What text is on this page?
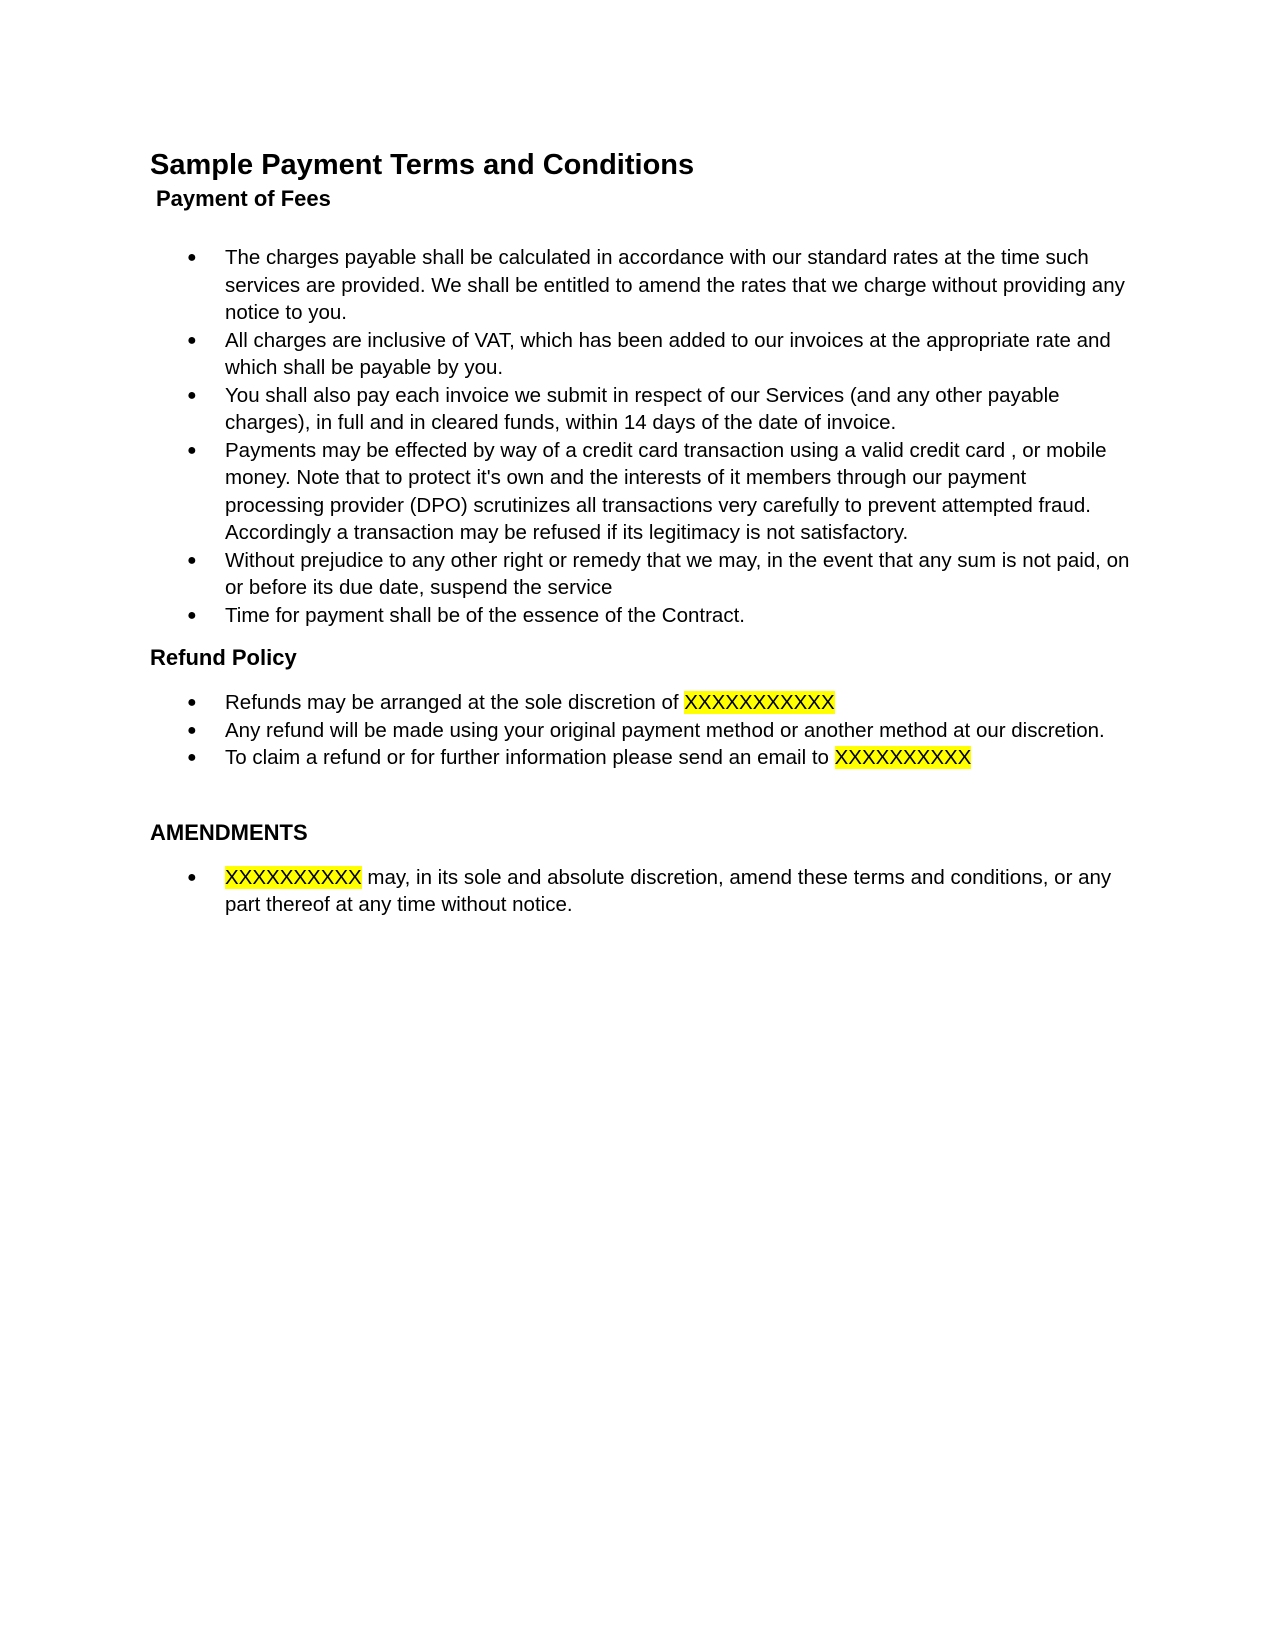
Sample Payment Terms and Conditions
Payment of Fees
● The charges payable shall be calculated in accordance with our standard rates at the time such services are provided. We shall be entitled to amend the rates that we charge without providing any notice to you.
● All charges are inclusive of VAT, which has been added to our invoices at the appropriate rate and which shall be payable by you.
● You shall also pay each invoice we submit in respect of our Services (and any other payable charges), in full and in cleared funds, within 14 days of the date of invoice.
● Payments may be effected by way of a credit card transaction using a valid credit card , or mobile money. Note that to protect it's own and the interests of it members through our payment processing provider (DPO) scrutinizes all transactions very carefully to prevent attempted fraud. Accordingly a transaction may be refused if its legitimacy is not satisfactory.
● Without prejudice to any other right or remedy that we may, in the event that any sum is not paid, on or before its due date, suspend the service
● Time for payment shall be of the essence of the Contract.
Refund Policy
● Refunds may be arranged at the sole discretion of XXXXXXXXXXX
● Any refund will be made using your original payment method or another method at our discretion.
● To claim a refund or for further information please send an email to XXXXXXXXXX
AMENDMENTS
● XXXXXXXXXX may, in its sole and absolute discretion, amend these terms and conditions, or any part thereof at any time without notice.
